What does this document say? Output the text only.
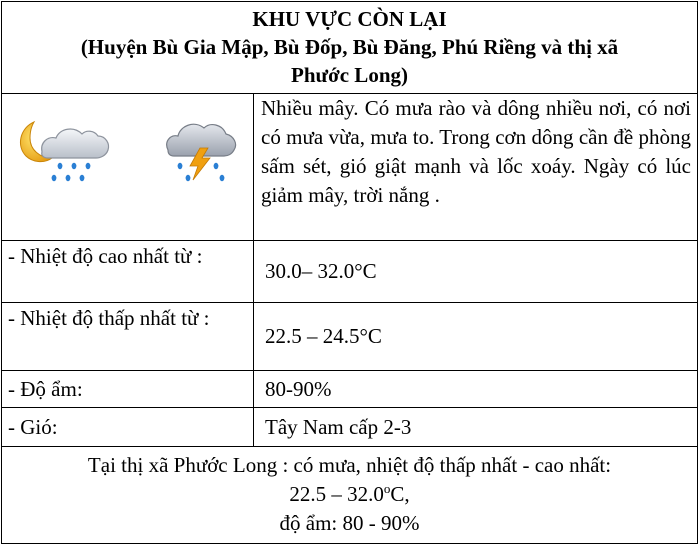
KHU VỰC CÒN LẠI
(Huyện Bù Gia Mập, Bù Đốp, Bù Đăng, Phú Riềng và thị xã
Phước Long)	

	Nhiều mây. Có mưa rào và dông nhiều nơi, có nơi có mưa vừa, mưa to. Trong cơn dông cần đề phòng sấm sét, gió giật mạnh và lốc xoáy. Ngày có lúc giảm mây, trời nắng .
- Nhiệt độ cao nhất từ :	30.0– 32.0°C
- Nhiệt độ thấp nhất từ :	22.5 – 24.5°C
- Độ ẩm:	80-90%
- Gió:	Tây Nam cấp 2-3

Tại thị xã Phước Long : có mưa, nhiệt độ thấp nhất - cao nhất:
22.5 – 32.0$^o$C,
độ ẩm: 80 - 90%	
